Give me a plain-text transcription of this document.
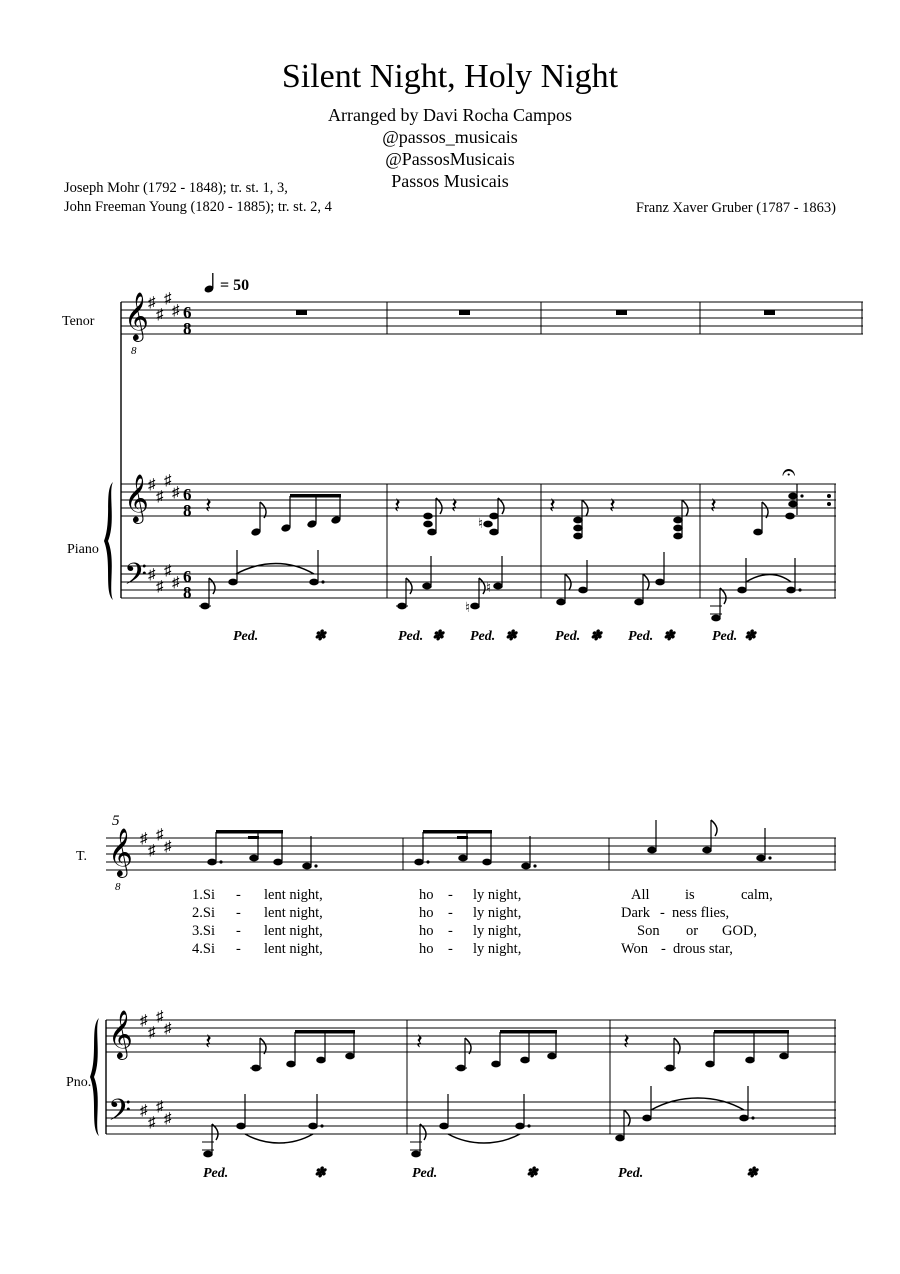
Silent Night, Holy Night
Arranged by Davi Rocha Campos
@passos_musicais
@PassosMusicais
Passos Musicais
Joseph Mohr (1792 - 1848); tr. st. 1, 3,
John Freeman Young (1820 - 1885); tr. st. 2, 4	Franz Xaver Gruber (1787 - 1863)
= 50
Tenor
Piano
𝄞
8
𝄞
𝄢
♯
♯
♯
♯
♯
♯
♯
♯
♯
♯
♯
♯
6
8
6
8
6
8
𝄽	𝄽 𝄽
♮
𝄽 𝄽	𝄽
𝄐
♮
♮
Ped.	✽	Ped. ✽ Ped. ✽	Ped. ✽ Ped. ✽	Ped. ✽
5
T.
Pno.
𝄞
8
𝄞
𝄢
♯
♯
♯
♯
♯
♯
♯
♯
♯
♯
♯
♯
1.Si - lent night,	ho - ly night,	All is	calm,
2.Si - lent night,	ho - ly night,	Dark - ness flies,
3.Si - lent night,	ho - ly night,	Son or GOD,
4.Si - lent night,	ho - ly night,	Won - drous star,
𝄽	𝄽	𝄽
Ped.	✽	Ped.	✽	Ped.	✽
